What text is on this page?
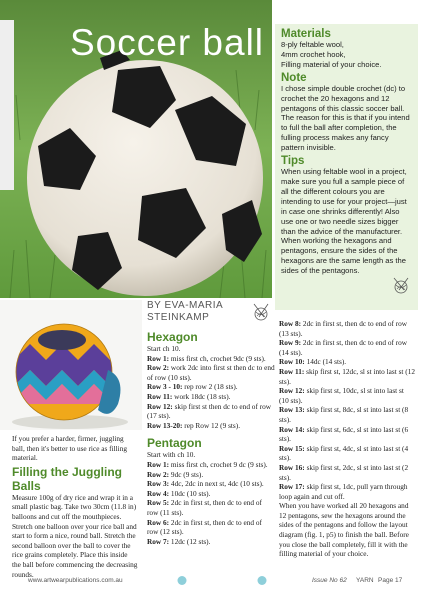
Soccer ball Materials

8-ply feltable wool,

4mm crochet hook,

Filling material of your choice.

Note

I chose simple double crochet (dc) to crochet the 20 hexagons and 12 pentagons of this classic soccer ball. The reason for this is that if you intend to full the ball after completion, the fulling process makes any fancy pattern invisible.

Tips

When using feltable wool in a project, make sure you full a sample piece of all the different colours you are intending to use for your project—just in case one shrinks differently! Also use one or two needle sizes bigger than the advice of the manufacturer.

When working the hexagons and pentagons, ensure the sides of the hexagons are the same length as the sides of the pentagons.

If you prefer a harder, firmer, juggling ball, then it's better to use rice as filling material.

Filling the Juggling Balls

Measure 100g of dry rice and wrap it in a small plastic bag. Take two 30cm (11.8 in) balloons and cut off the mouthpieces. Stretch one balloon over your rice ball and start to form a nice, round ball. Stretch the second balloon over the ball to cover the rice grains completely. Place this inside the ball before commencing the decreasing rounds.

BY EVA-MARIA
STEINKAMP
Hexagon

Start ch 10.

Row 1: miss first ch, crochet 9dc (9 sts).

Row 2: work 2dc into first st then dc to end of row (10 sts).

Row 3 - 10: rep row 2 (18 sts).

Row 11: work 18dc (18 sts).

Row 12: skip first st then dc to end of row (17 sts).

Row 13-20: rep Row 12 (9 sts).

Pentagon

Start with ch 10.

Row 1: miss first ch, crochet 9 dc (9 sts).

Row 2: 9dc (9 sts).

Row 3: 4dc, 2dc in next st, 4dc (10 sts).

Row 4: 10dc (10 sts).

Row 5: 2dc in first st, then dc to end of row (11 sts).

Row 6: 2dc in first st, then dc to end of row (12 sts).

Row 7: 12dc (12 sts).

Row 8: 2dc in first st, then dc to end of row (13 sts).

Row 9: 2dc in first st, then dc to end of row (14 sts).

Row 10: 14dc (14 sts).

Row 11: skip first st, 12dc, sl st into last st (12 sts).

Row 12: skip first st, 10dc, sl st into last st (10 sts).

Row 13: skip first st, 8dc, sl st into last st (8 sts).

Row 14: skip first st, 6dc, sl st into last st (6 sts).

Row 15: skip first st, 4dc, sl st into last st (4 sts).

Row 16: skip first st, 2dc, sl st into last st (2 sts).

Row 17: skip first st, 1dc, pull yarn through loop again and cut off.

When you have worked all 20 hexagons and 12 pentagons, sew the hexagons around the sides of the pentagons and follow the layout diagram (fig. 1, p5) to finish the ball. Before you close the ball completely, fill it with the filling material of your choice.

www.artwearpublications.com.au	Issue No 62 YARN Page 17
